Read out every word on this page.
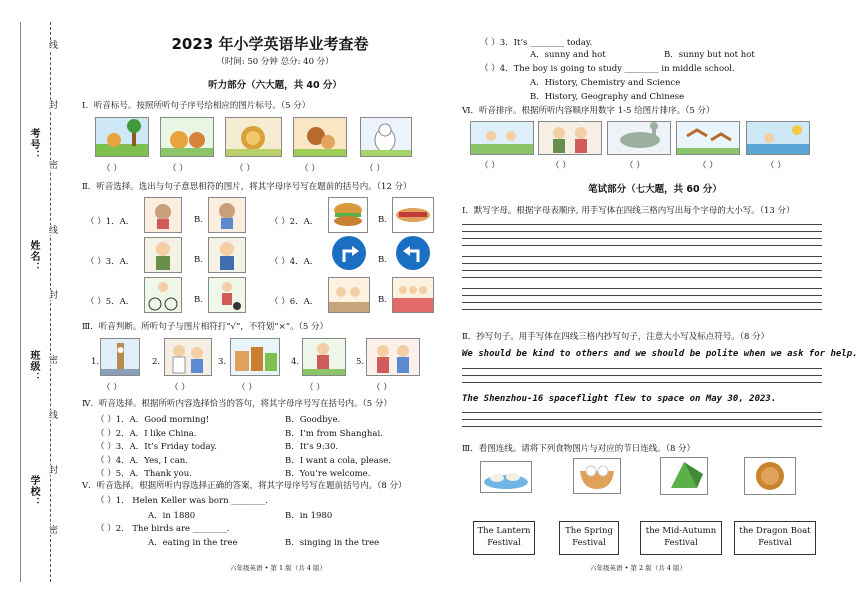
考号：
姓名：
班级：
学校：
线
封
密
线
封
密
线
封
密
2023 年小学英语毕业考查卷
（时间: 50 分钟 总分: 40 分）
听力部分（六大题，共 40 分）
Ⅰ．听音标号。按照所听句子序号给相应的图片标号。（5 分）
（ ）	（ ）	（ ）	（ ）	（ ）
Ⅱ．听音选择。选出与句子意思相符的图片，将其字母序号写在题前的括号内。（12 分）
（ ）1．A.	B.	（ ）2．A.	B.
（ ）3．A.	B.	（ ）4．A.	B.
（ ）5．A.	B.	（ ）6．A.	B.
Ⅲ．听音判断。所听句子与图片相符打“√”，不符划“×”。（5 分）
1.	2.	3.	4.	5.
（ ）	（ ）	（ ）	（ ）	（ ）
Ⅳ．听音选择。根据所听内容选择恰当的答句，将其字母序号写在括号内。（5 分）
（ ）1．A．Good morning!	B．Goodbye.
（ ）2．A．I like China.	B．I’m from Shanghai.
（ ）3．A．It’s Friday today.	B．It’s 9:30.
（ ）4．A．Yes, I can.	B．I want a cola, please.
（ ）5．A．Thank you.	B．You’re welcome.
Ⅴ．听音选择。根据所听内容选择正确的答案，将其字母序号写在题前括号内。（8 分）
（ ）1． Helen Keller was born ________.
A．in 1880	B．in 1980
（ ）2． The birds are ________.
A．eating in the tree	B．singing in the tree
六年级英语 • 第 1 版（共 4 版）
（ ）3．It’s ________ today.
A．sunny and hot	B．sunny but not hot
（ ）4．The boy is going to study ________ in middle school.
A．History, Chemistry and Science
B．History, Geography and Chinese
Ⅵ．听音排序。根据所听内容顺序用数字 1-5 给图片排序。（5 分）
（ ）	（ ）	（ ）	（ ）	（ ）
笔试部分（七大题，共 60 分）
Ⅰ．默写字母。根据字母表顺序, 用手写体在四线三格内写出每个字母的大小写。（13 分）
Ⅱ．抄写句子。用手写体在四线三格内抄写句子，注意大小写及标点符号。（8 分）
We should be kind to others and we should be polite when we ask for help.
The Shenzhou-16 spaceflight flew to space on May 30, 2023.
Ⅲ．看图连线。请将下列食物图片与对应的节日连线。（8 分）
The Lantern
Festival
The Spring
Festival
the Mid-Autumn
Festival
the Dragon Boat
Festival
六年级英语 • 第 2 版（共 4 版）
